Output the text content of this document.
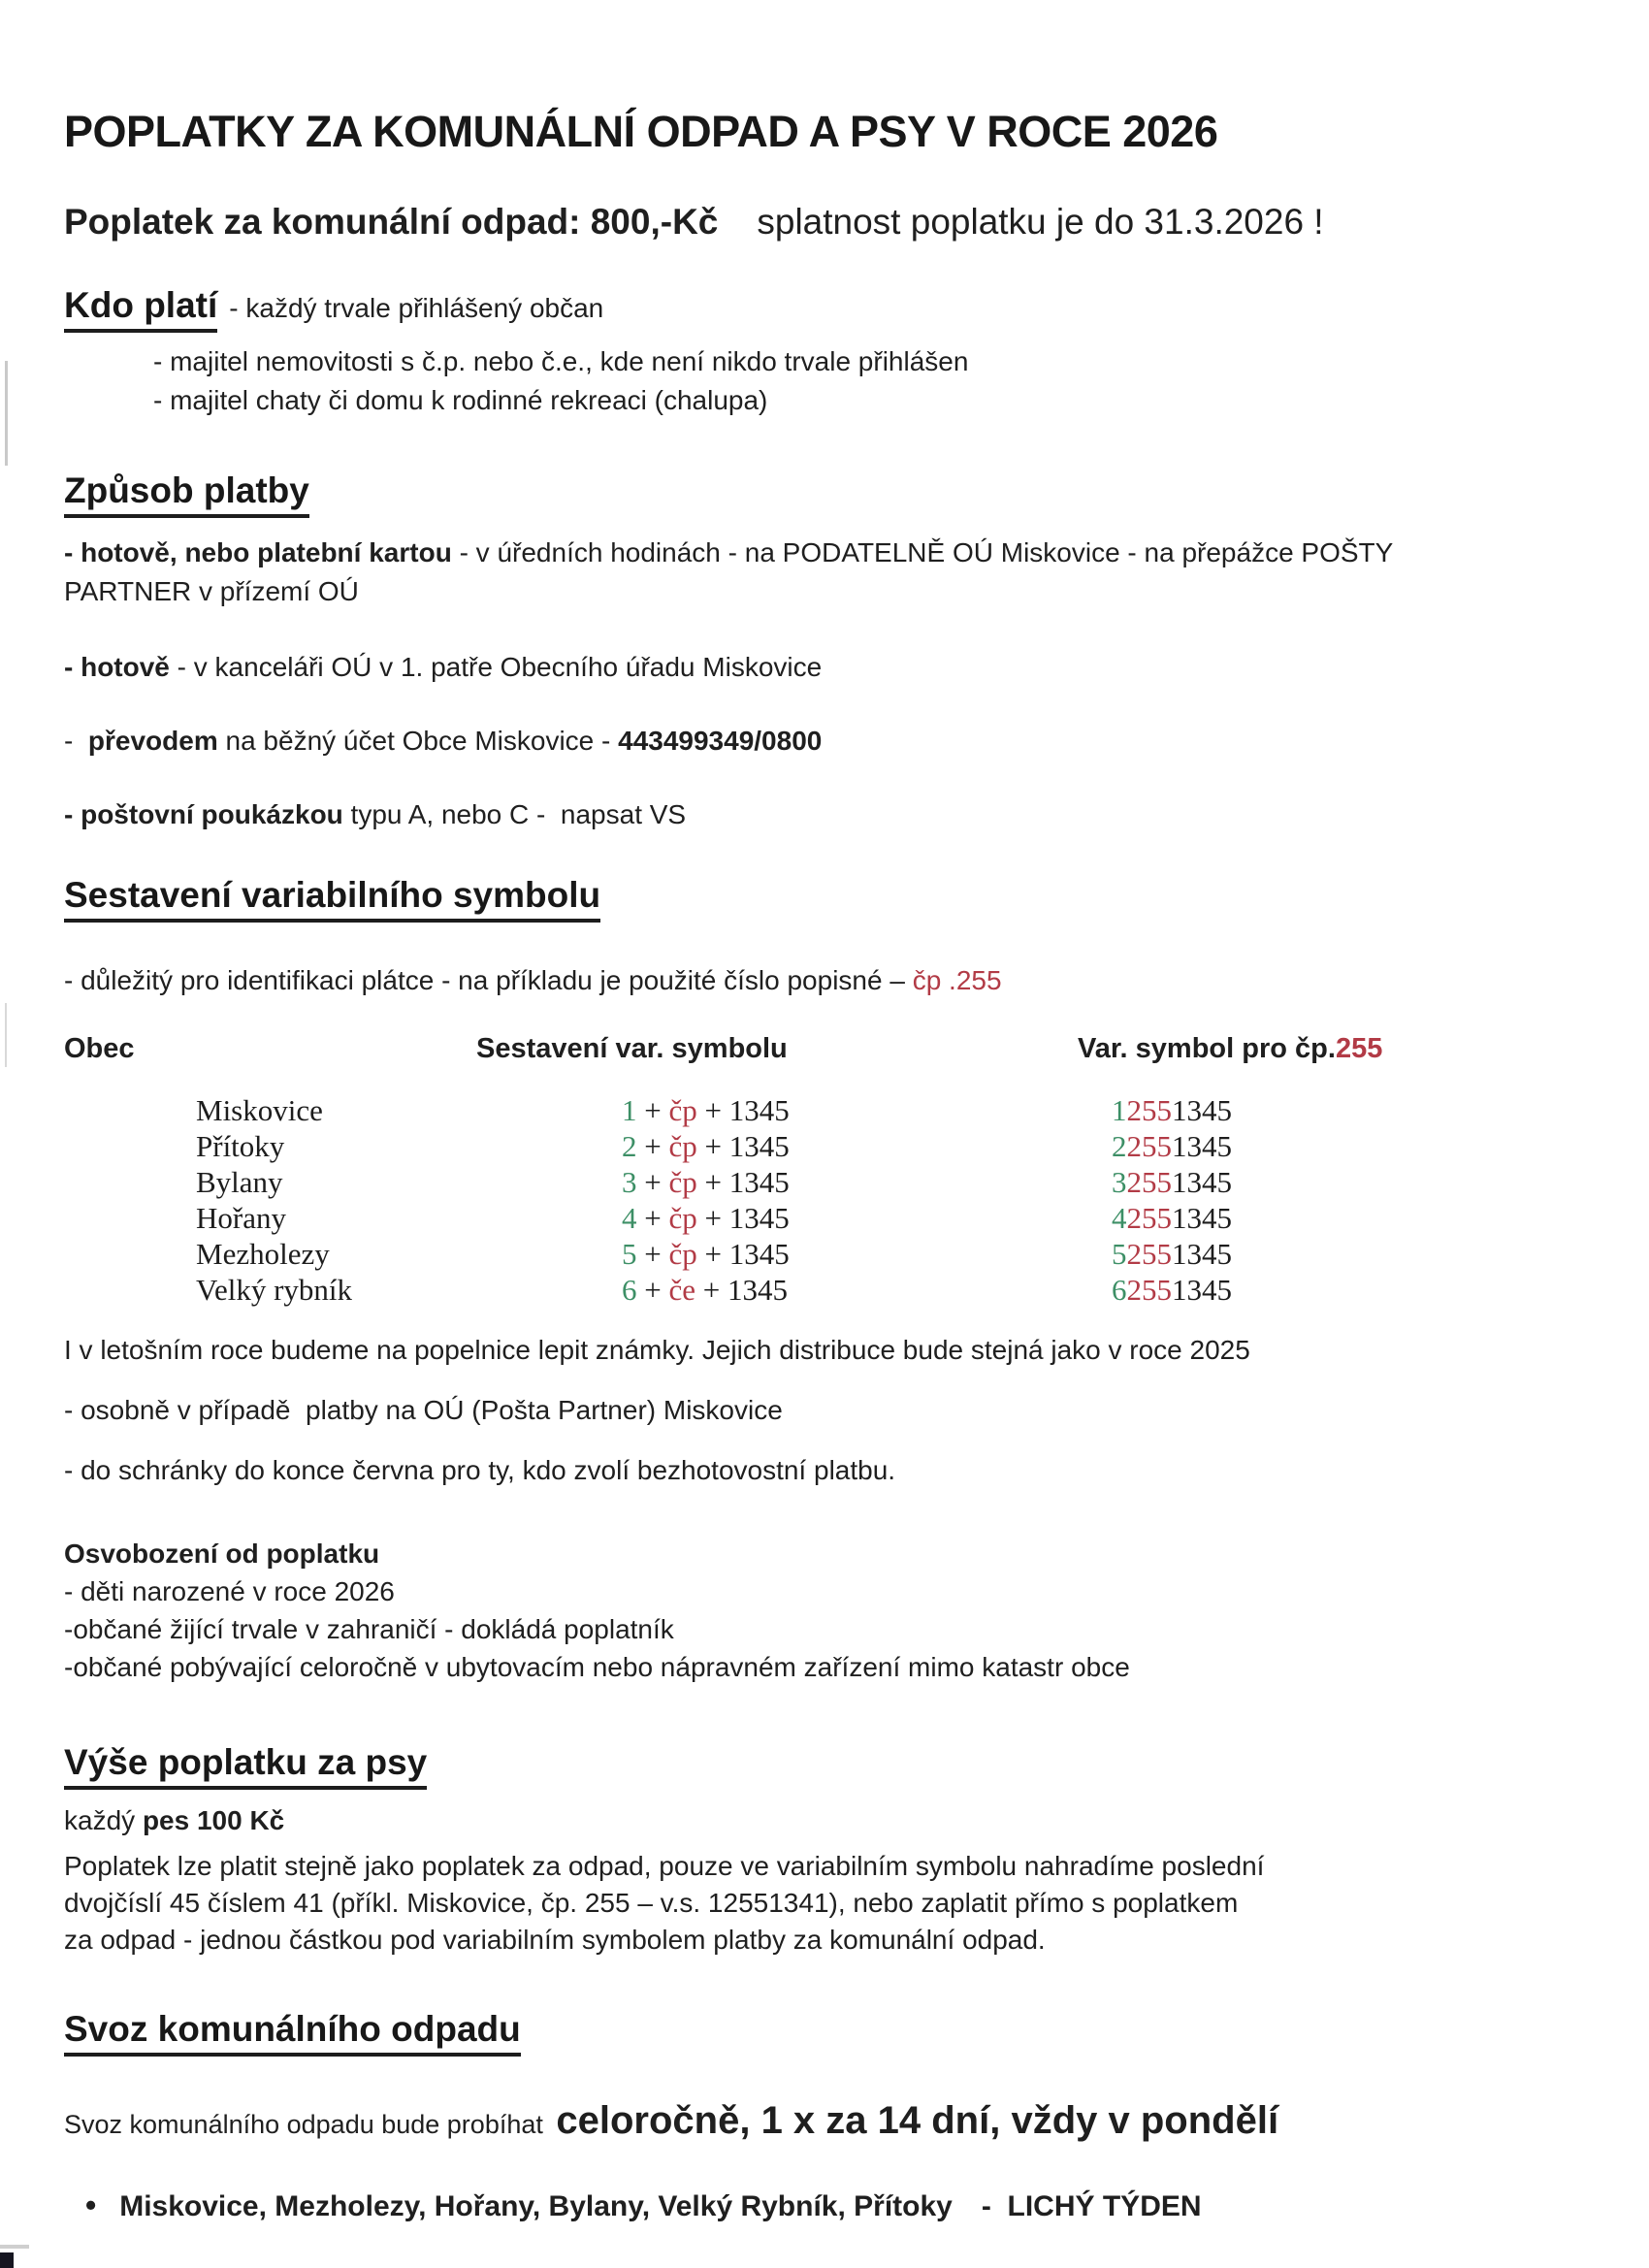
POPLATKY ZA KOMUNÁLNÍ ODPAD A PSY V ROCE 2026
Poplatek za komunální odpad: 800,-Kč splatnost poplatku je do 31.3.2026 !
Kdo platí - každý trvale přihlášený občan
- majitel nemovitosti s č.p. nebo č.e., kde není nikdo trvale přihlášen
- majitel chaty či domu k rodinné rekreaci (chalupa)
Způsob platby
- hotově, nebo platební kartou - v úředních hodinách - na PODATELNĚ OÚ Miskovice - na přepážce POŠTY
PARTNER v přízemí OÚ
- hotově - v kanceláři OÚ v 1. patře Obecního úřadu Miskovice
-  převodem na běžný účet Obce Miskovice - 443499349/0800
- poštovní poukázkou typu A, nebo C -  napsat VS
Sestavení variabilního symbolu
- důležitý pro identifikaci plátce - na příkladu je použité číslo popisné – čp .255
Obec	Sestavení var. symbolu	Var. symbol pro čp.255
Miskovice	1 + čp + 1345	12551345
Přítoky	2 + čp + 1345	22551345
Bylany	3 + čp + 1345	32551345
Hořany	4 + čp + 1345	42551345
Mezholezy	5 + čp + 1345	52551345
Velký rybník	6 + če + 1345	62551345
I v letošním roce budeme na popelnice lepit známky. Jejich distribuce bude stejná jako v roce 2025
- osobně v případě  platby na OÚ (Pošta Partner) Miskovice
- do schránky do konce června pro ty, kdo zvolí bezhotovostní platbu.
Osvobození od poplatku
- děti narozené v roce 2026
-občané žijící trvale v zahraničí - dokládá poplatník
-občané pobývající celoročně v ubytovacím nebo nápravném zařízení mimo katastr obce
Výše poplatku za psy
každý pes 100 Kč
Poplatek lze platit stejně jako poplatek za odpad, pouze ve variabilním symbolu nahradíme poslední
dvojčíslí 45 číslem 41 (příkl. Miskovice, čp. 255 – v.s. 12551341), nebo zaplatit přímo s poplatkem
za odpad - jednou částkou pod variabilním symbolem platby za komunální odpad.
Svoz komunálního odpadu
Svoz komunálního odpadu bude probíhat celoročně, 1 x za 14 dní, vždy v pondělí
• Miskovice, Mezholezy, Hořany, Bylany, Velký Rybník, Přítoky -  LICHÝ TÝDEN
